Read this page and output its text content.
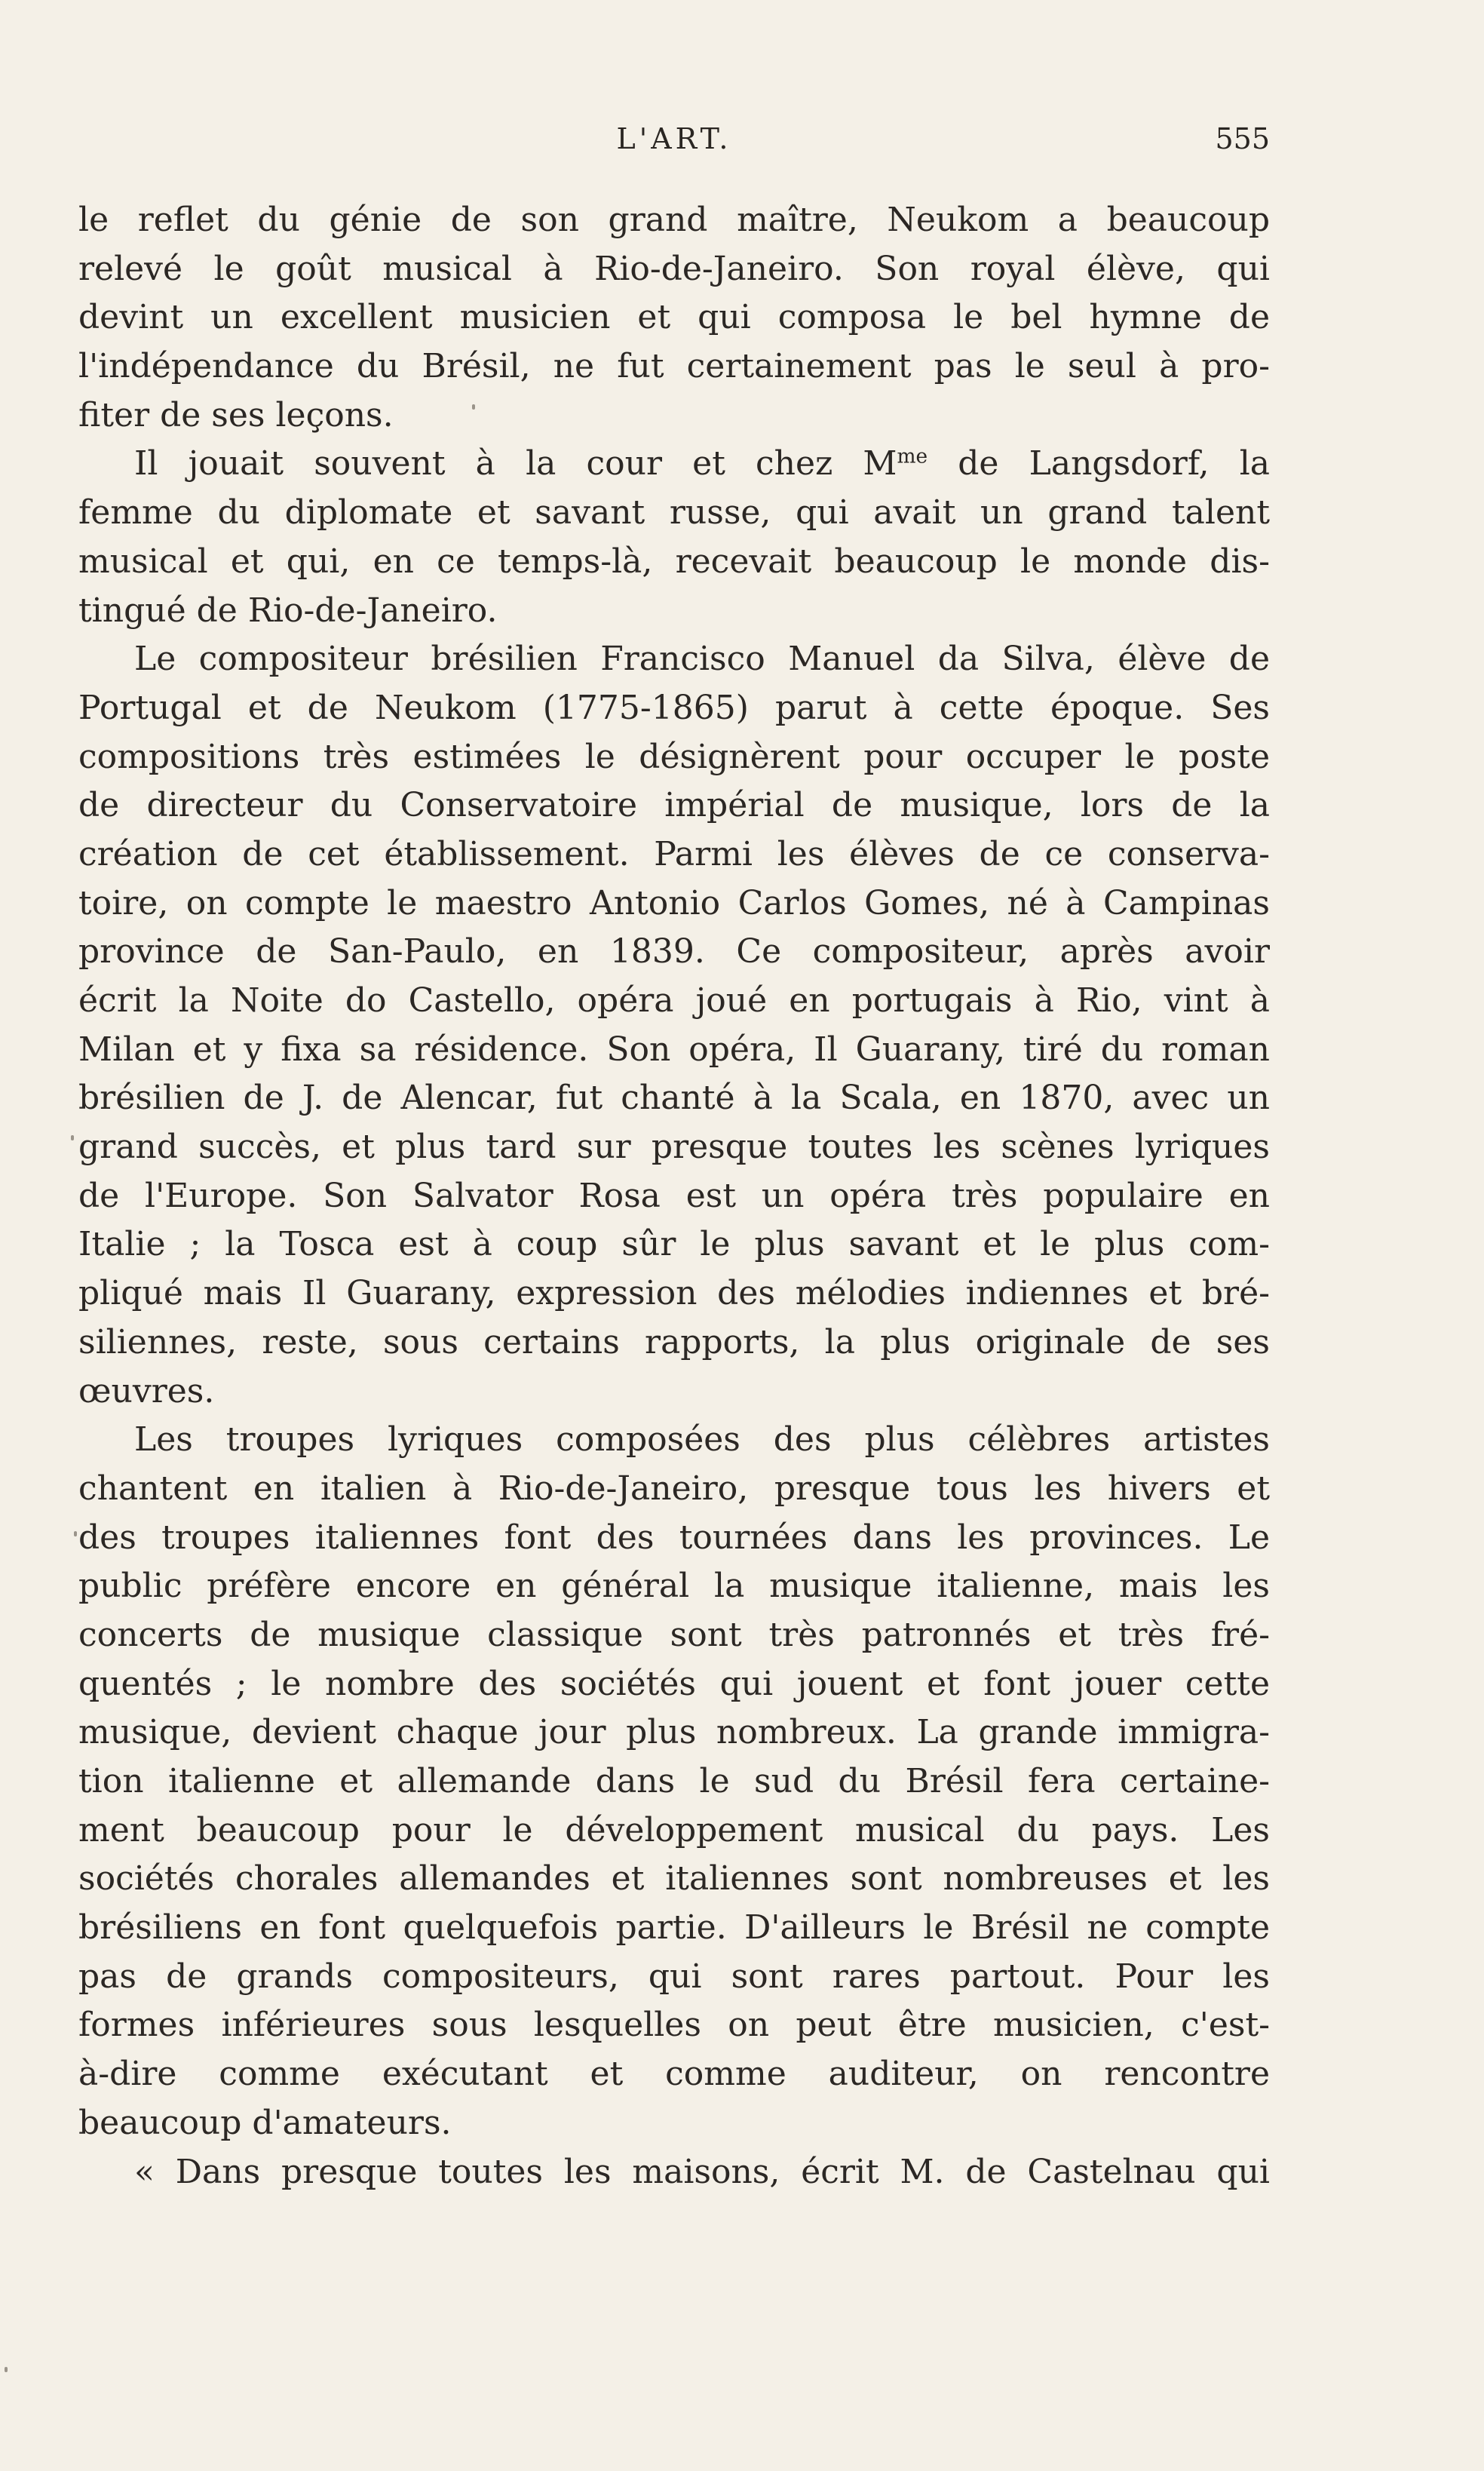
L'ART.	555
le reflet du génie de son grand maître, Neukom a beaucoup
relevé le goût musical à Rio-de-Janeiro. Son royal élève, qui
devint un excellent musicien et qui composa le bel hymne de
l'indépendance du Brésil, ne fut certainement pas le seul à pro-
fiter de ses leçons.
Il jouait souvent à la cour et chez $M^{me}$ de Langsdorf, la
femme du diplomate et savant russe, qui avait un grand talent
musical et qui, en ce temps-là, recevait beaucoup le monde dis-
tingué de Rio-de-Janeiro.
Le compositeur brésilien Francisco Manuel da Silva, élève de
Portugal et de Neukom (1775-1865) parut à cette époque. Ses
compositions très estimées le désignèrent pour occuper le poste
de directeur du Conservatoire impérial de musique, lors de la
création de cet établissement. Parmi les élèves de ce conserva-
toire, on compte le maestro Antonio Carlos Gomes, né à Campinas
province de San-Paulo, en 1839. Ce compositeur, après avoir
écrit la Noite do Castello, opéra joué en portugais à Rio, vint à
Milan et y fixa sa résidence. Son opéra, Il Guarany, tiré du roman
brésilien de J. de Alencar, fut chanté à la Scala, en 1870, avec un
grand succès, et plus tard sur presque toutes les scènes lyriques
de l'Europe. Son Salvator Rosa est un opéra très populaire en
Italie ; la Tosca est à coup sûr le plus savant et le plus com-
pliqué mais Il Guarany, expression des mélodies indiennes et bré-
siliennes, reste, sous certains rapports, la plus originale de ses
œuvres.
Les troupes lyriques composées des plus célèbres artistes
chantent en italien à Rio-de-Janeiro, presque tous les hivers et
des troupes italiennes font des tournées dans les provinces. Le
public préfère encore en général la musique italienne, mais les
concerts de musique classique sont très patronnés et très fré-
quentés ; le nombre des sociétés qui jouent et font jouer cette
musique, devient chaque jour plus nombreux. La grande immigra-
tion italienne et allemande dans le sud du Brésil fera certaine-
ment beaucoup pour le développement musical du pays. Les
sociétés chorales allemandes et italiennes sont nombreuses et les
brésiliens en font quelquefois partie. D'ailleurs le Brésil ne compte
pas de grands compositeurs, qui sont rares partout. Pour les
formes inférieures sous lesquelles on peut être musicien, c'est-
à-dire comme exécutant et comme auditeur, on rencontre
beaucoup d'amateurs.
« Dans presque toutes les maisons, écrit M. de Castelnau qui
